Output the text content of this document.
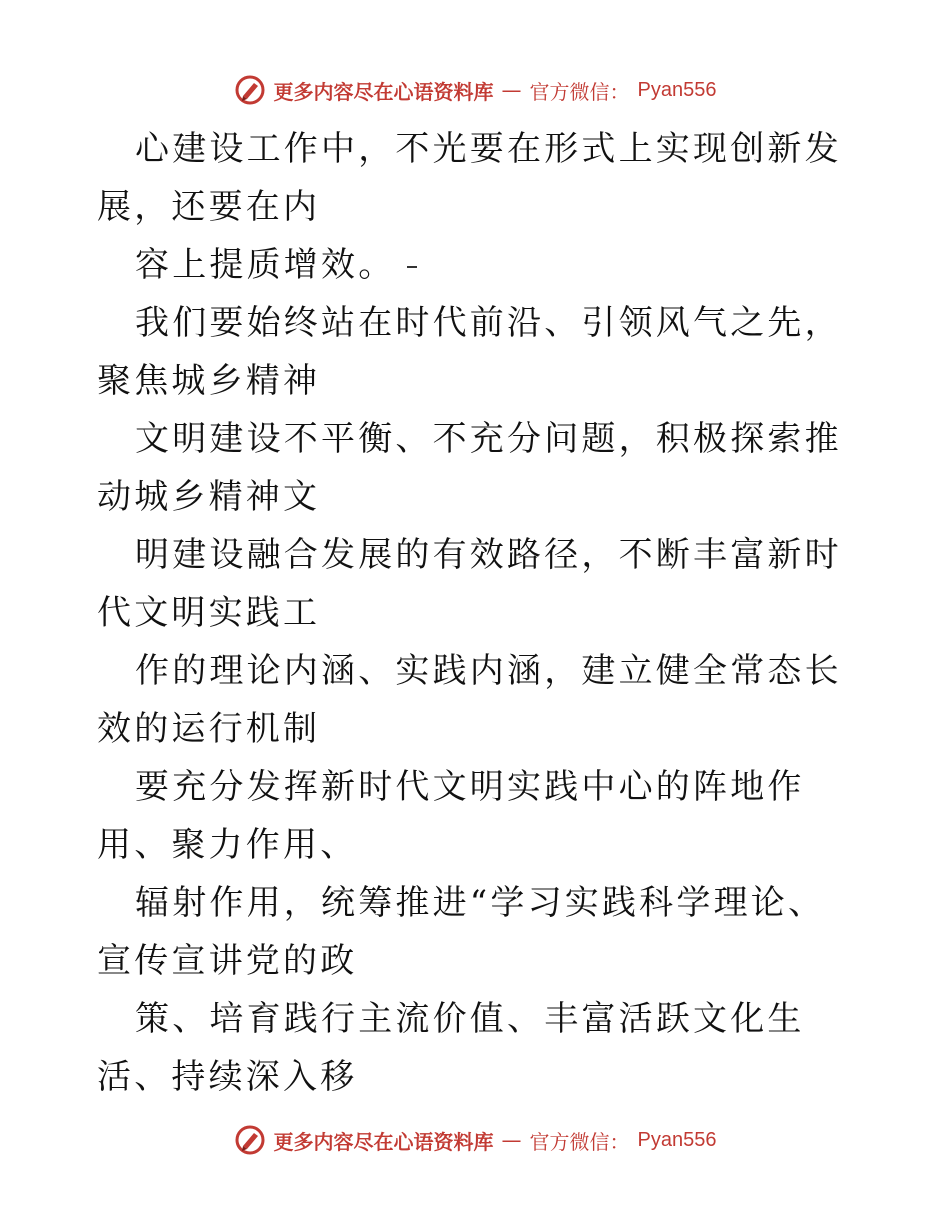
更多内容尽在心语资料库 — 官方微信： Pyan556

心建设工作中，不光要在形式上实现创新发展，还要在内

容上提质增效。

我们要始终站在时代前沿、引领风气之先，聚焦城乡精神

文明建设不平衡、不充分问题，积极探索推动城乡精神文

明建设融合发展的有效路径，不断丰富新时代文明实践工

作的理论内涵、实践内涵，建立健全常态长效的运行机制

要充分发挥新时代文明实践中心的阵地作用、聚力作用、

辐射作用，统筹推进“学习实践科学理论、宣传宣讲党的政

策、培育践行主流价值、丰富活跃文化生活、持续深入移

更多内容尽在心语资料库 — 官方微信： Pyan556
